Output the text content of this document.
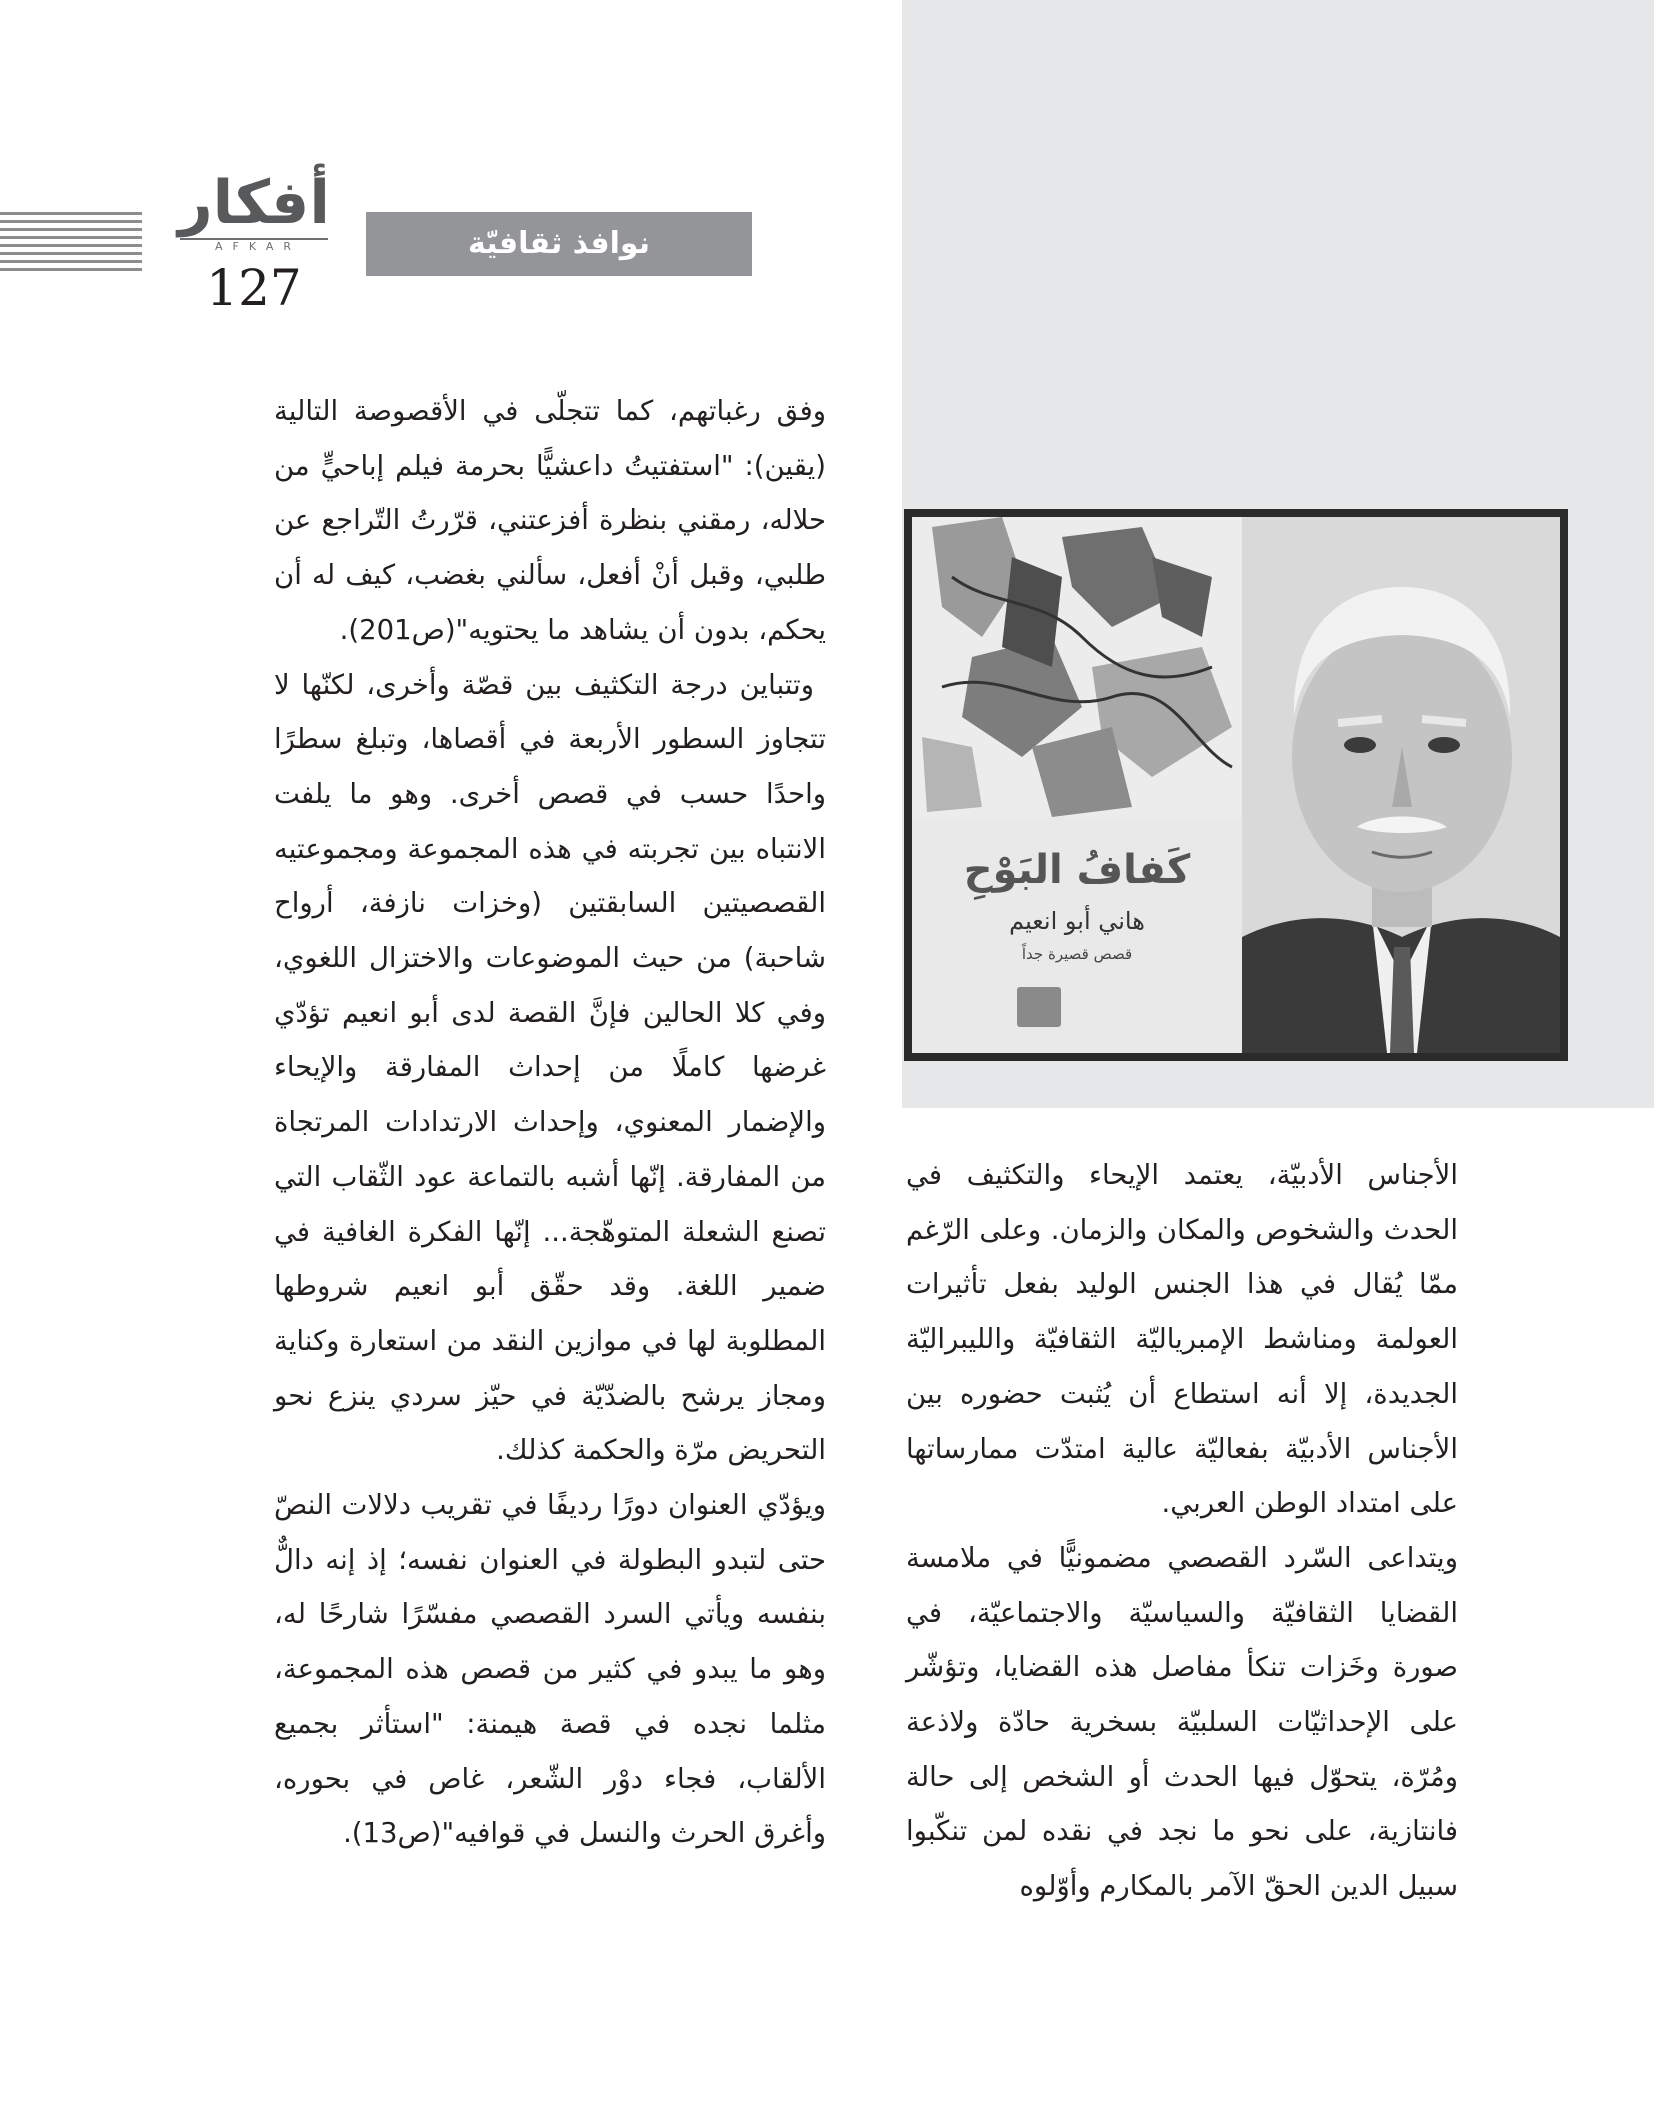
أفكار
AFKAR
127
نوافذ ثقافيّة
كَفافُ البَوْحِ
هاني أبو انعيم
قصص قصيرة جداً

وفق رغباتهم، كما تتجلّى في الأقصوصة التالية (يقين): "استفتيتُ داعشيًّا بحرمة فيلم إباحيٍّ من حلاله، رمقني بنظرة أفزعتني، قرّرتُ التّراجع عن طلبي، وقبل أنْ أفعل، سألني بغضب، كيف له أن يحكم، بدون أن يشاهد ما يحتويه"(ص201).

وتتباين درجة التكثيف بين قصّة وأخرى، لكنّها لا تتجاوز السطور الأربعة في أقصاها، وتبلغ سطرًا واحدًا حسب في قصص أخرى. وهو ما يلفت الانتباه بين تجربته في هذه المجموعة ومجموعتيه القصصيتين السابقتين (وخزات نازفة، أرواح شاحبة) من حيث الموضوعات والاختزال اللغوي، وفي كلا الحالين فإنَّ القصة لدى أبو انعيم تؤدّي غرضها كاملًا من إحداث المفارقة والإيحاء والإضمار المعنوي، وإحداث الارتدادات المرتجاة من المفارقة. إنّها أشبه بالتماعة عود الثّقاب التي تصنع الشعلة المتوهّجة... إنّها الفكرة الغافية في ضمير اللغة. وقد حقّق أبو انعيم شروطها المطلوبة لها في موازين النقد من استعارة وكناية ومجاز يرشح بالضدّيّة في حيّز سردي ينزع نحو التحريض مرّة والحكمة كذلك.

ويؤدّي العنوان دورًا رديفًا في تقريب دلالات النصّ حتى لتبدو البطولة في العنوان نفسه؛ إذ إنه دالٌّ بنفسه ويأتي السرد القصصي مفسّرًا شارحًا له، وهو ما يبدو في كثير من قصص هذه المجموعة، مثلما نجده في قصة هيمنة: "استأثر بجميع الألقاب، فجاء دوْر الشّعر، غاص في بحوره، وأغرق الحرث والنسل في قوافيه"(ص13).

الأجناس الأدبيّة، يعتمد الإيحاء والتكثيف في الحدث والشخوص والمكان والزمان. وعلى الرّغم ممّا يُقال في هذا الجنس الوليد بفعل تأثيرات العولمة ومناشط الإمبرياليّة الثقافيّة والليبراليّة الجديدة، إلا أنه استطاع أن يُثبت حضوره بين الأجناس الأدبيّة بفعاليّة عالية امتدّت ممارساتها على امتداد الوطن العربي.

ويتداعى السّرد القصصي مضمونيًّا في ملامسة القضايا الثقافيّة والسياسيّة والاجتماعيّة، في صورة وخَزات تنكأ مفاصل هذه القضايا، وتؤشّر على الإحداثيّات السلبيّة بسخرية حادّة ولاذعة ومُرّة، يتحوّل فيها الحدث أو الشخص إلى حالة فانتازية، على نحو ما نجد في نقده لمن تنكّبوا سبيل الدين الحقّ الآمر بالمكارم وأوّلوه
